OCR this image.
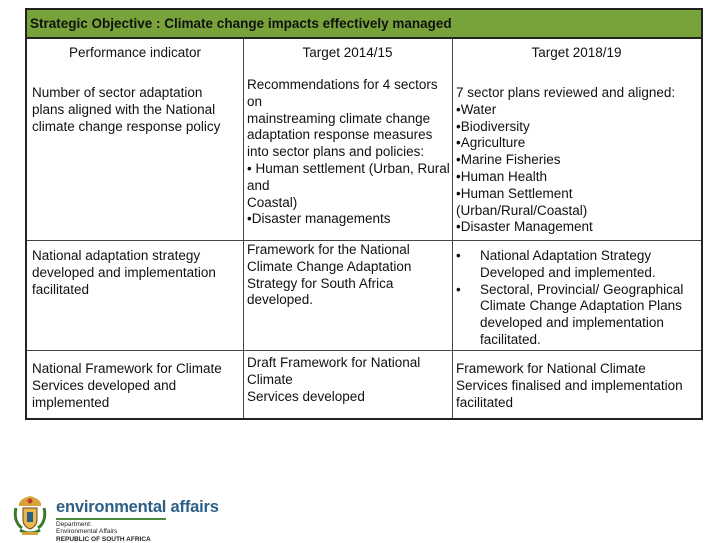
Strategic Objective : Climate change impacts effectively managed
Performance indicator	Target 2014/15	Target 2018/19
Number of sector adaptation plans aligned with the National climate change response policy
Recommendations for 4 sectors on
mainstreaming climate change adaptation response measures into sector plans and policies:
• Human settlement (Urban, Rural and
Coastal)
•Disaster managements
7 sector plans reviewed and aligned:
•Water
•Biodiversity
•Agriculture
•Marine Fisheries
•Human Health
•Human Settlement
(Urban/Rural/Coastal)
•Disaster Management
National adaptation strategy developed and implementation facilitated
Framework for the National Climate Change Adaptation Strategy for South Africa developed.
• National Adaptation Strategy Developed and implemented.
• Sectoral, Provincial/ Geographical Climate Change Adaptation Plans developed and implementation facilitated.
National Framework for Climate Services developed and implemented
Draft Framework for National Climate
Services developed
Framework for National Climate Services finalised and implementation facilitated
environmental affairs
Department:
Environmental Affairs
REPUBLIC OF SOUTH AFRICA
